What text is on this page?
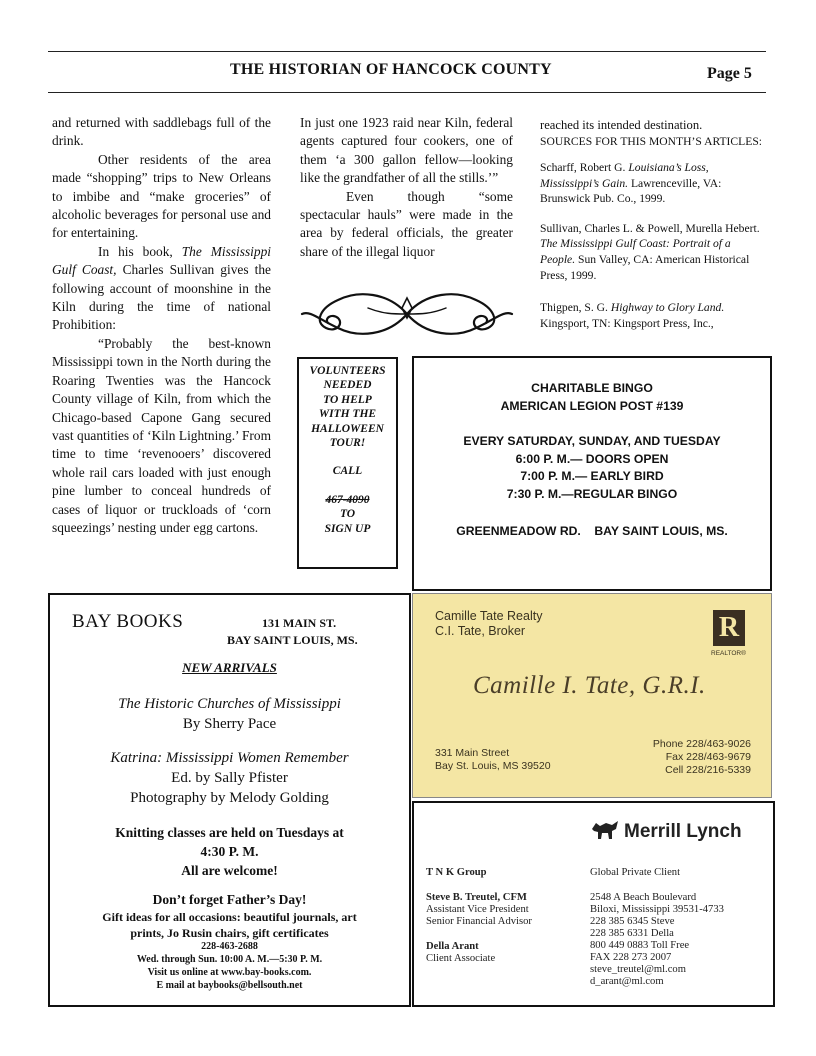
THE HISTORIAN OF HANCOCK COUNTY	Page 5

and returned with saddlebags full of the drink.

Other residents of the area made “shopping” trips to New Orleans to imbibe and “make groceries” of alcoholic beverages for personal use and for entertaining.

In his book, The Mississippi Gulf Coast, Charles Sullivan gives the following account of moonshine in the Kiln during the time of national Prohibition:

“Probably the best-known Mississippi town in the North during the Roaring Twenties was the Hancock County village of Kiln, from which the Chicago-based Capone Gang secured vast quantities of ‘Kiln Lightning.’ From time to time ‘revenooers’ discovered whole rail cars loaded with just enough pine lumber to conceal hundreds of cases of liquor or truckloads of ‘corn squeezings’ nesting under egg cartons.

In just one 1923 raid near Kiln, federal agents captured four cookers, one of them ‘a 300 gallon fellow—looking like the grandfather of all the stills.’”

Even though “some spectacular hauls” were made in the area by federal officials, the greater share of the illegal liquor

reached its intended destination.

SOURCES FOR THIS MONTH’S ARTICLES:

Scharff, Robert G. Louisiana’s Loss, Mississippi’s Gain. Lawrenceville, VA: Brunswick Pub. Co., 1999.

Sullivan, Charles L. & Powell, Murella Hebert. The Mississippi Gulf Coast: Portrait of a People. Sun Valley, CA: American Historical Press, 1999.

Thigpen, S. G. Highway to Glory Land. Kingsport, TN: Kingsport Press, Inc.,

VOLUNTEERS
NEEDED
TO HELP
WITH THE
HALLOWEEN
TOUR!
CALL
467-4090
TO
SIGN UP
CHARITABLE BINGO
AMERICAN LEGION POST #139
EVERY SATURDAY, SUNDAY, AND TUESDAY
6:00 P. M.— DOORS OPEN
7:00 P. M.— EARLY BIRD
7:30 P. M.—REGULAR BINGO
GREENMEADOW RD.    BAY SAINT LOUIS, MS.
BAY BOOKS	131 MAIN ST.
BAY SAINT LOUIS, MS.
NEW ARRIVALS
The Historic Churches of Mississippi
By Sherry Pace
Katrina: Mississippi Women Remember
Ed. by Sally Pfister
Photography by Melody Golding
Knitting classes are held on Tuesdays at
4:30 P. M.
All are welcome!
Don’t forget Father’s Day!
Gift ideas for all occasions: beautiful journals, art
prints, Jo Rusin chairs, gift certificates
228-463-2688
Wed. through Sun. 10:00 A. M.—5:30 P. M.
Visit us online at www.bay-books.com.
E mail at baybooks@bellsouth.net
Camille Tate Realty
C.I. Tate, Broker	R
REALTOR®
Camille I. Tate, G.R.I.
331 Main Street
Bay St. Louis, MS 39520
Phone 228/463-9026
Fax 228/463-9679
Cell 228/216-5339
Merrill Lynch
T N K Group	Global Private Client
Steve B. Treutel, CFM
Assistant Vice President
Senior Financial Advisor
Della Arant
Client Associate
2548 A Beach Boulevard
Biloxi, Mississippi 39531-4733
228 385 6345 Steve
228 385 6331 Della
800 449 0883 Toll Free
FAX 228 273 2007
steve_treutel@ml.com
d_arant@ml.com
